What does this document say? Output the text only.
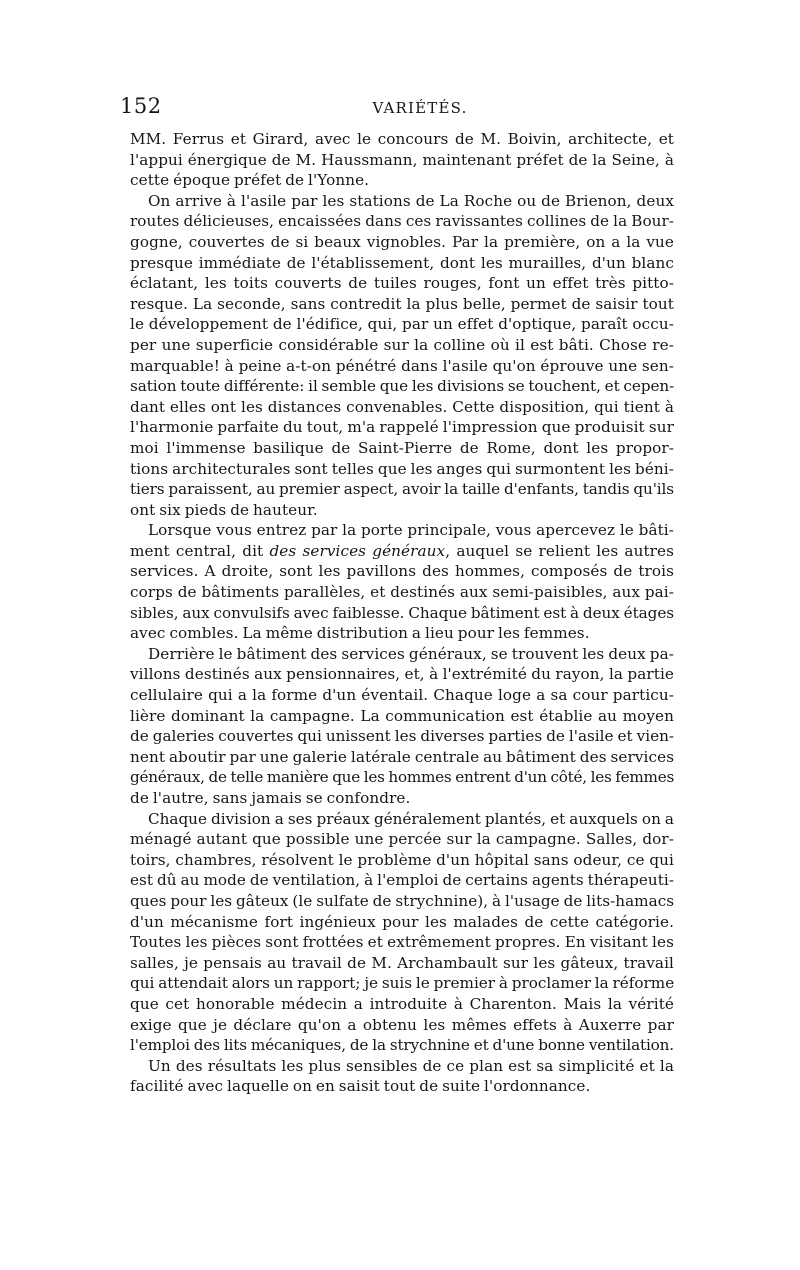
152	VARIÉTÉS.
MM. Ferrus et Girard, avec le concours de M. Boivin, architecte, et
l'appui énergique de M. Haussmann, maintenant préfet de la Seine, à
cette époque préfet de l'Yonne.
On arrive à l'asile par les stations de La Roche ou de Brienon, deux
routes délicieuses, encaissées dans ces ravissantes collines de la Bour-
gogne, couvertes de si beaux vignobles. Par la première, on a la vue
presque immédiate de l'établissement, dont les murailles, d'un blanc
éclatant, les toits couverts de tuiles rouges, font un effet très pitto-
resque. La seconde, sans contredit la plus belle, permet de saisir tout
le développement de l'édifice, qui, par un effet d'optique, paraît occu-
per une superficie considérable sur la colline où il est bâti. Chose re-
marquable! à peine a-t-on pénétré dans l'asile qu'on éprouve une sen-
sation toute différente: il semble que les divisions se touchent, et cepen-
dant elles ont les distances convenables. Cette disposition, qui tient à
l'harmonie parfaite du tout, m'a rappelé l'impression que produisit sur
moi l'immense basilique de Saint-Pierre de Rome, dont les propor-
tions architecturales sont telles que les anges qui surmontent les béni-
tiers paraissent, au premier aspect, avoir la taille d'enfants, tandis qu'ils
ont six pieds de hauteur.
Lorsque vous entrez par la porte principale, vous apercevez le bâti-
ment central, dit des services généraux, auquel se relient les autres
services. A droite, sont les pavillons des hommes, composés de trois
corps de bâtiments parallèles, et destinés aux semi-paisibles, aux pai-
sibles, aux convulsifs avec faiblesse. Chaque bâtiment est à deux étages
avec combles. La même distribution a lieu pour les femmes.
Derrière le bâtiment des services généraux, se trouvent les deux pa-
villons destinés aux pensionnaires, et, à l'extrémité du rayon, la partie
cellulaire qui a la forme d'un éventail. Chaque loge a sa cour particu-
lière dominant la campagne. La communication est établie au moyen
de galeries couvertes qui unissent les diverses parties de l'asile et vien-
nent aboutir par une galerie latérale centrale au bâtiment des services
généraux, de telle manière que les hommes entrent d'un côté, les femmes
de l'autre, sans jamais se confondre.
Chaque division a ses préaux généralement plantés, et auxquels on a
ménagé autant que possible une percée sur la campagne. Salles, dor-
toirs, chambres, résolvent le problème d'un hôpital sans odeur, ce qui
est dû au mode de ventilation, à l'emploi de certains agents thérapeuti-
ques pour les gâteux (le sulfate de strychnine), à l'usage de lits-hamacs
d'un mécanisme fort ingénieux pour les malades de cette catégorie.
Toutes les pièces sont frottées et extrêmement propres. En visitant les
salles, je pensais au travail de M. Archambault sur les gâteux, travail
qui attendait alors un rapport; je suis le premier à proclamer la réforme
que cet honorable médecin a introduite à Charenton. Mais la vérité
exige que je déclare qu'on a obtenu les mêmes effets à Auxerre par
l'emploi des lits mécaniques, de la strychnine et d'une bonne ventilation.
Un des résultats les plus sensibles de ce plan est sa simplicité et la
facilité avec laquelle on en saisit tout de suite l'ordonnance.
